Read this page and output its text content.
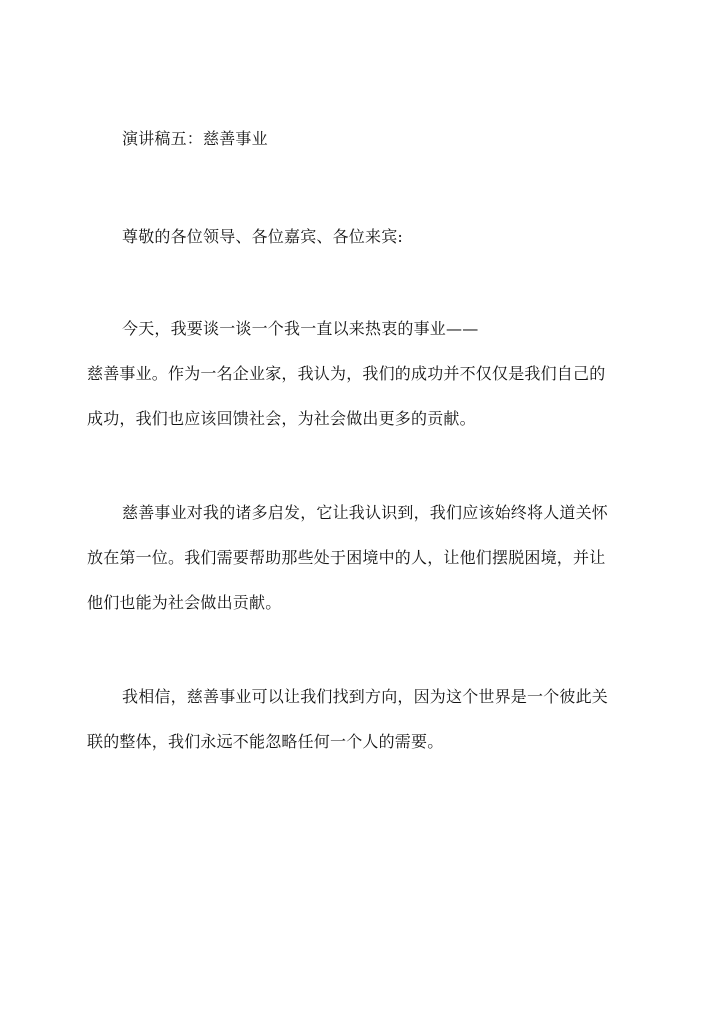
演讲稿五：慈善事业
尊敬的各位领导、各位嘉宾、各位来宾:
今天，我要谈一谈一个我一直以来热衷的事业——
慈善事业。作为一名企业家，我认为，我们的成功并不仅仅是我们自己的
成功，我们也应该回馈社会，为社会做出更多的贡献。
慈善事业对我的诸多启发，它让我认识到，我们应该始终将人道关怀
放在第一位。我们需要帮助那些处于困境中的人，让他们摆脱困境，并让
他们也能为社会做出贡献。
我相信，慈善事业可以让我们找到方向，因为这个世界是一个彼此关
联的整体，我们永远不能忽略任何一个人的需要。
